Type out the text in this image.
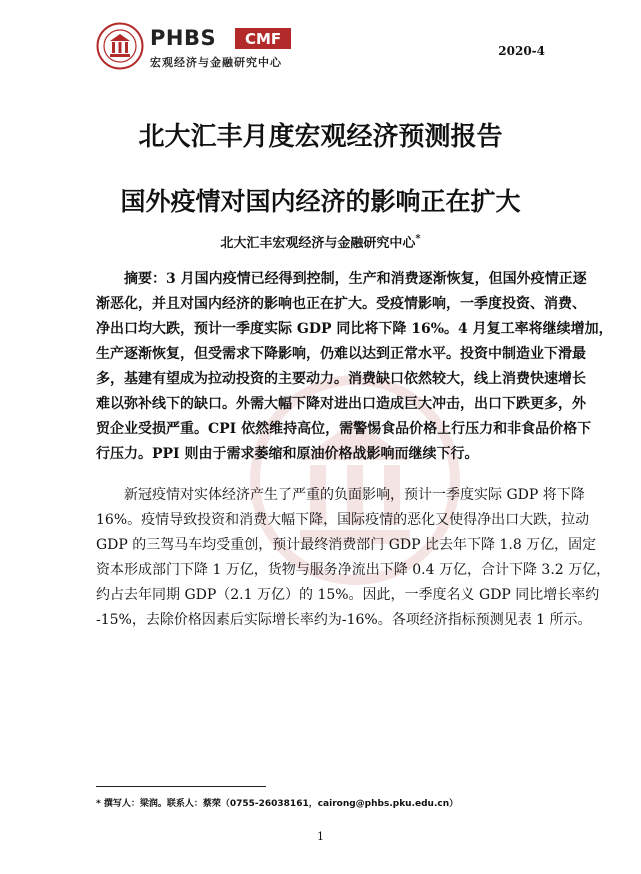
PHBS	CMF
宏观经济与金融研究中心
2020-4
北大汇丰月度宏观经济预测报告
国外疫情对国内经济的影响正在扩大
北大汇丰宏观经济与金融研究中心*
摘要：3 月国内疫情已经得到控制，生产和消费逐渐恢复，但国外疫情正逐
渐恶化，并且对国内经济的影响也正在扩大。受疫情影响，一季度投资、消费、
净出口均大跌，预计一季度实际 GDP 同比将下降 16%。4 月复工率将继续增加，
生产逐渐恢复，但受需求下降影响，仍难以达到正常水平。投资中制造业下滑最
多，基建有望成为拉动投资的主要动力。消费缺口依然较大，线上消费快速增长
难以弥补线下的缺口。外需大幅下降对进出口造成巨大冲击，出口下跌更多，外
贸企业受损严重。CPI 依然维持高位，需警惕食品价格上行压力和非食品价格下
行压力。PPI 则由于需求萎缩和原油价格战影响而继续下行。
新冠疫情对实体经济产生了严重的负面影响，预计一季度实际 GDP 将下降
16%。疫情导致投资和消费大幅下降，国际疫情的恶化又使得净出口大跌，拉动
GDP 的三驾马车均受重创，预计最终消费部门 GDP 比去年下降 1.8 万亿，固定
资本形成部门下降 1 万亿，货物与服务净流出下降 0.4 万亿，合计下降 3.2 万亿，
约占去年同期 GDP（2.1 万亿）的 15%。因此，一季度名义 GDP 同比增长率约
-15%，去除价格因素后实际增长率约为-16%。各项经济指标预测见表 1 所示。
* 撰写人：梁润。联系人：蔡荣（0755-26038161，cairong@phbs.pku.edu.cn）
1
